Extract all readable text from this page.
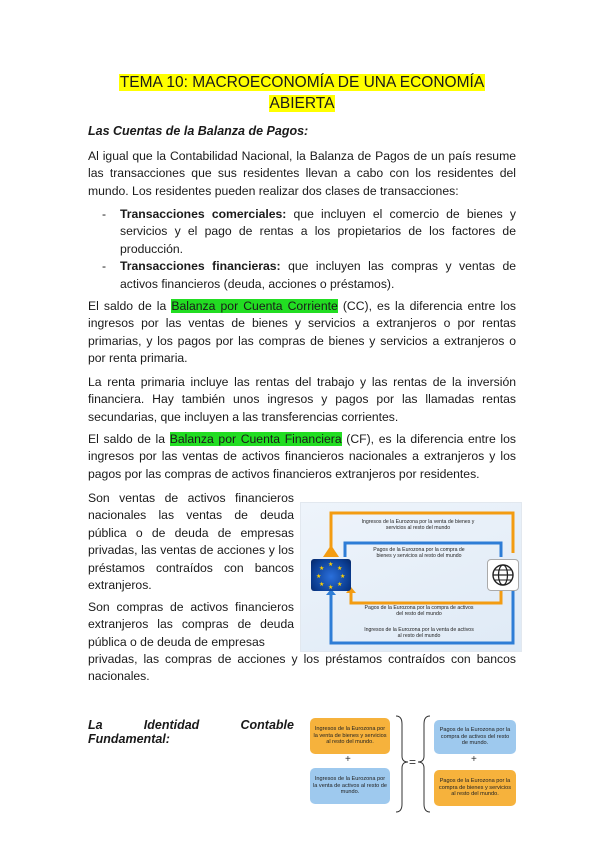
TEMA 10: MACROECONOMÍA DE UNA ECONOMÍA
ABIERTA
Las Cuentas de la Balanza de Pagos:

Al igual que la Contabilidad Nacional, la Balanza de Pagos de un país resume las transacciones que sus residentes llevan a cabo con los residentes del mundo. Los residentes pueden realizar dos clases de transacciones:

- Transacciones comerciales: que incluyen el comercio de bienes y servicios y el pago de rentas a los propietarios de los factores de producción.
- Transacciones financieras: que incluyen las compras y ventas de activos financieros (deuda, acciones o préstamos).

El saldo de la Balanza por Cuenta Corriente (CC), es la diferencia entre los ingresos por las ventas de bienes y servicios a extranjeros o por rentas primarias, y los pagos por las compras de bienes y servicios a extranjeros o por renta primaria.

La renta primaria incluye las rentas del trabajo y las rentas de la inversión financiera. Hay también unos ingresos y pagos por las llamadas rentas secundarias, que incluyen a las transferencias corrientes.

El saldo de la Balanza por Cuenta Financiera (CF), es la diferencia entre los ingresos por las ventas de activos financieros nacionales a extranjeros y los pagos por las compras de activos financieros extranjeros por residentes.

Son ventas de activos financieros nacionales las ventas de deuda pública o de deuda de empresas privadas, las ventas de acciones y los préstamos contraídos con bancos extranjeros.

Son compras de activos financieros extranjeros las compras de deuda pública o de deuda de empresas

privadas, las compras de acciones y los préstamos contraídos con bancos nacionales.

Ingresos de la Eurozona por la venta de bienes y servicios al resto del mundo
Pagos de la Eurozona por la compra de bienes y servicios al resto del mundo
Pagos de la Eurozona por la compra de activos del resto del mundo
Ingresos de la Eurozona por la venta de activos al resto del mundo
★
★
★
★
★
★
★
★
La	Identidad	Contable
Fundamental:
Ingresos de la Eurozona por la venta de bienes y servicios al resto del mundo.
+
Ingresos de la Eurozona por la venta de activos al resto de mundo.
=
Pagos de la Eurozona por la compra de activos del resto de mundo.
+
Pagos de la Eurozona por la compra de bienes y servicios al resto del mundo.
